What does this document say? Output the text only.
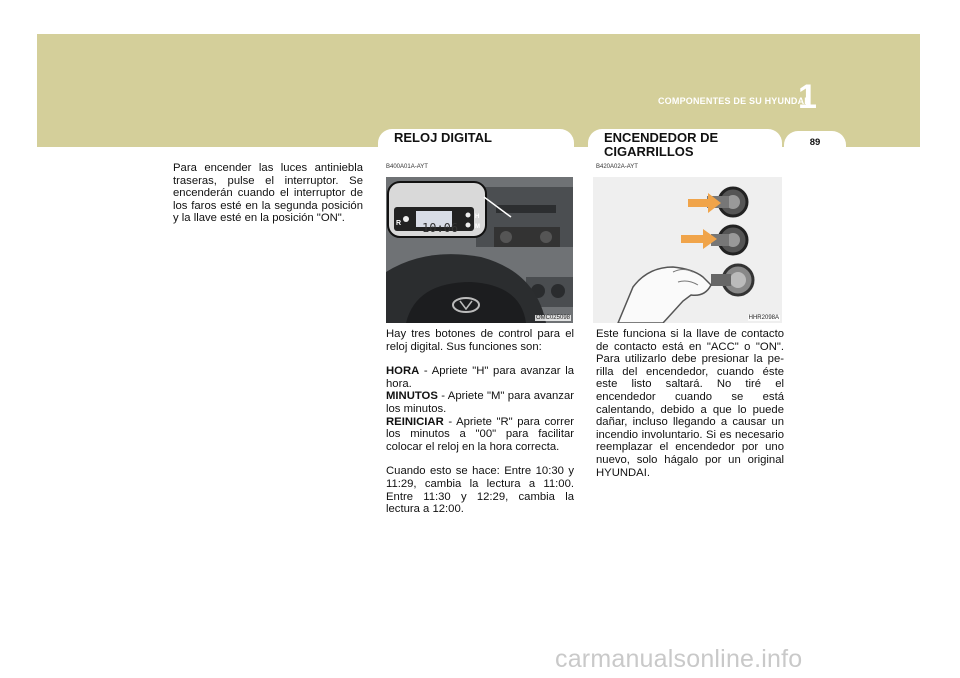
COMPONENTES DE SU HYUNDAI
1
89
RELOJ DIGITAL	ENCENDEDOR DE CIGARRILLOS
Para encender las luces antiniebla traseras, pulse el interruptor. Se encenderán cuando el interruptor de los faros esté en la segunda posición y la llave esté en la posición "ON".
B400A01A-AYT
10:06
R
H
M
OMC025098

Hay tres botones de control para el reloj digital. Sus funciones son:

HORA - Apriete "H" para avanzar la hora.

MINUTOS - Apriete "M" para avanzar los minutos.

REINICIAR - Apriete "R" para correr los minutos a "00" para facilitar colocar el reloj en la hora correcta.

Cuando esto se hace: Entre 10:30 y 11:29, cambia la lectura a 11:00. Entre 11:30 y 12:29, cambia la lectura a 12:00.

B420A02A-AYT
HHR2098A
Este funciona si la llave de contacto de contacto está en "ACC" o "ON". Para utilizarlo debe presionar la pe-rilla del encendedor, cuando éste este listo saltará. No tiré el encendedor cuando se está calentando, debido a que lo puede dañar, incluso llegando a causar un incendio involuntario. Si es necesario reemplazar el encendedor por uno nuevo, solo hágalo por un original HYUNDAI.
carmanualsonline.info
